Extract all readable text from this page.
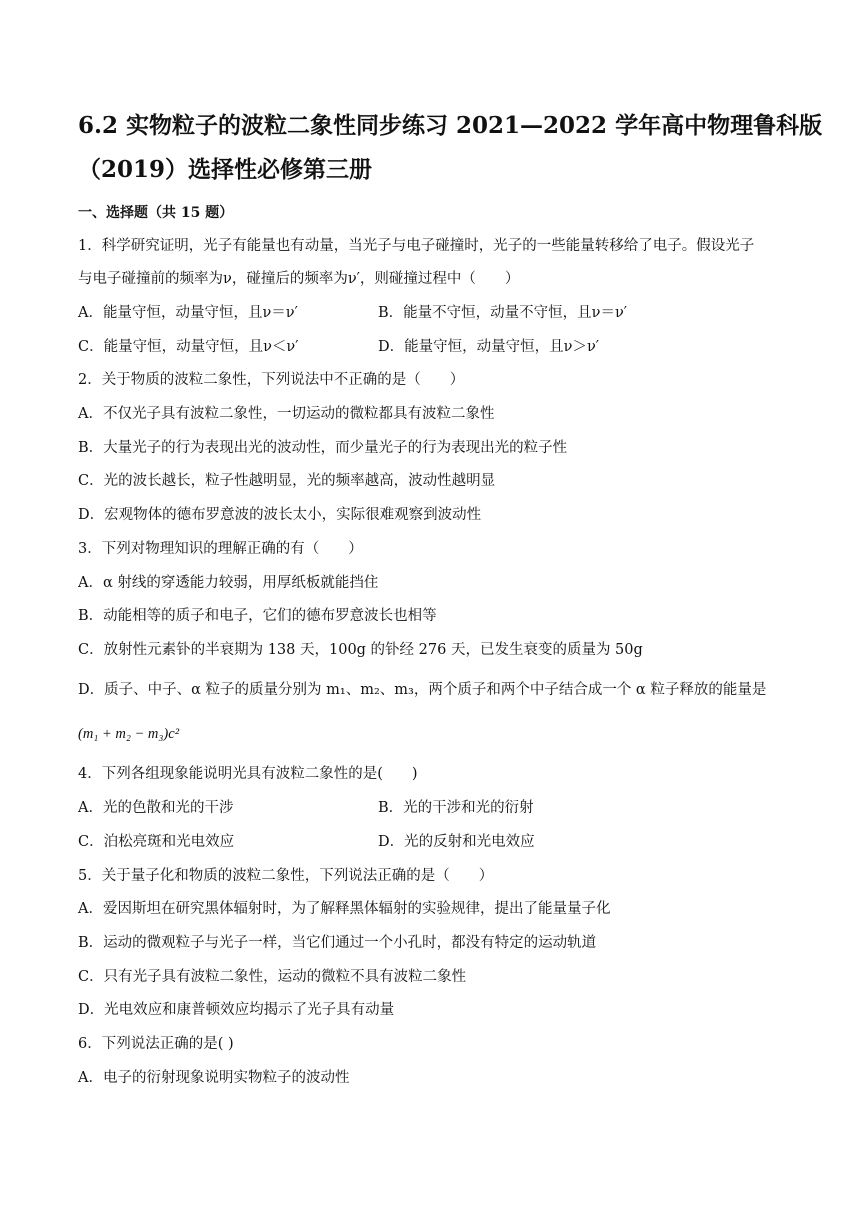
6.2 实物粒子的波粒二象性同步练习 2021—2022 学年高中物理鲁科版
（2019）选择性必修第三册
一、选择题（共 15 题）
1．科学研究证明，光子有能量也有动量，当光子与电子碰撞时，光子的一些能量转移给了电子。假设光子
与电子碰撞前的频率为ν，碰撞后的频率为ν′，则碰撞过程中（　　）
A．能量守恒，动量守恒，且ν＝ν′	B．能量不守恒，动量不守恒，且ν＝ν′
C．能量守恒，动量守恒，且ν＜ν′	D．能量守恒，动量守恒，且ν＞ν′
2．关于物质的波粒二象性，下列说法中不正确的是（　　）
A．不仅光子具有波粒二象性，一切运动的微粒都具有波粒二象性
B．大量光子的行为表现出光的波动性，而少量光子的行为表现出光的粒子性
C．光的波长越长，粒子性越明显，光的频率越高，波动性越明显
D．宏观物体的德布罗意波的波长太小，实际很难观察到波动性
3．下列对物理知识的理解正确的有（　　）
A．α 射线的穿透能力较弱，用厚纸板就能挡住
B．动能相等的质子和电子，它们的德布罗意波长也相等
C．放射性元素钋的半衰期为 138 天，100g 的钋经 276 天，已发生衰变的质量为 50g
D．质子、中子、α 粒子的质量分别为 m₁、m₂、m₃，两个质子和两个中子结合成一个 α 粒子释放的能量是
(m₁ + m₂ − m₃)c²
4．下列各组现象能说明光具有波粒二象性的是(　　)
A．光的色散和光的干涉	B．光的干涉和光的衍射
C．泊松亮斑和光电效应	D．光的反射和光电效应
5．关于量子化和物质的波粒二象性，下列说法正确的是（　　）
A．爱因斯坦在研究黑体辐射时，为了解释黑体辐射的实验规律，提出了能量量子化
B．运动的微观粒子与光子一样，当它们通过一个小孔时，都没有特定的运动轨道
C．只有光子具有波粒二象性，运动的微粒不具有波粒二象性
D．光电效应和康普顿效应均揭示了光子具有动量
6．下列说法正确的是( )
A．电子的衍射现象说明实物粒子的波动性
